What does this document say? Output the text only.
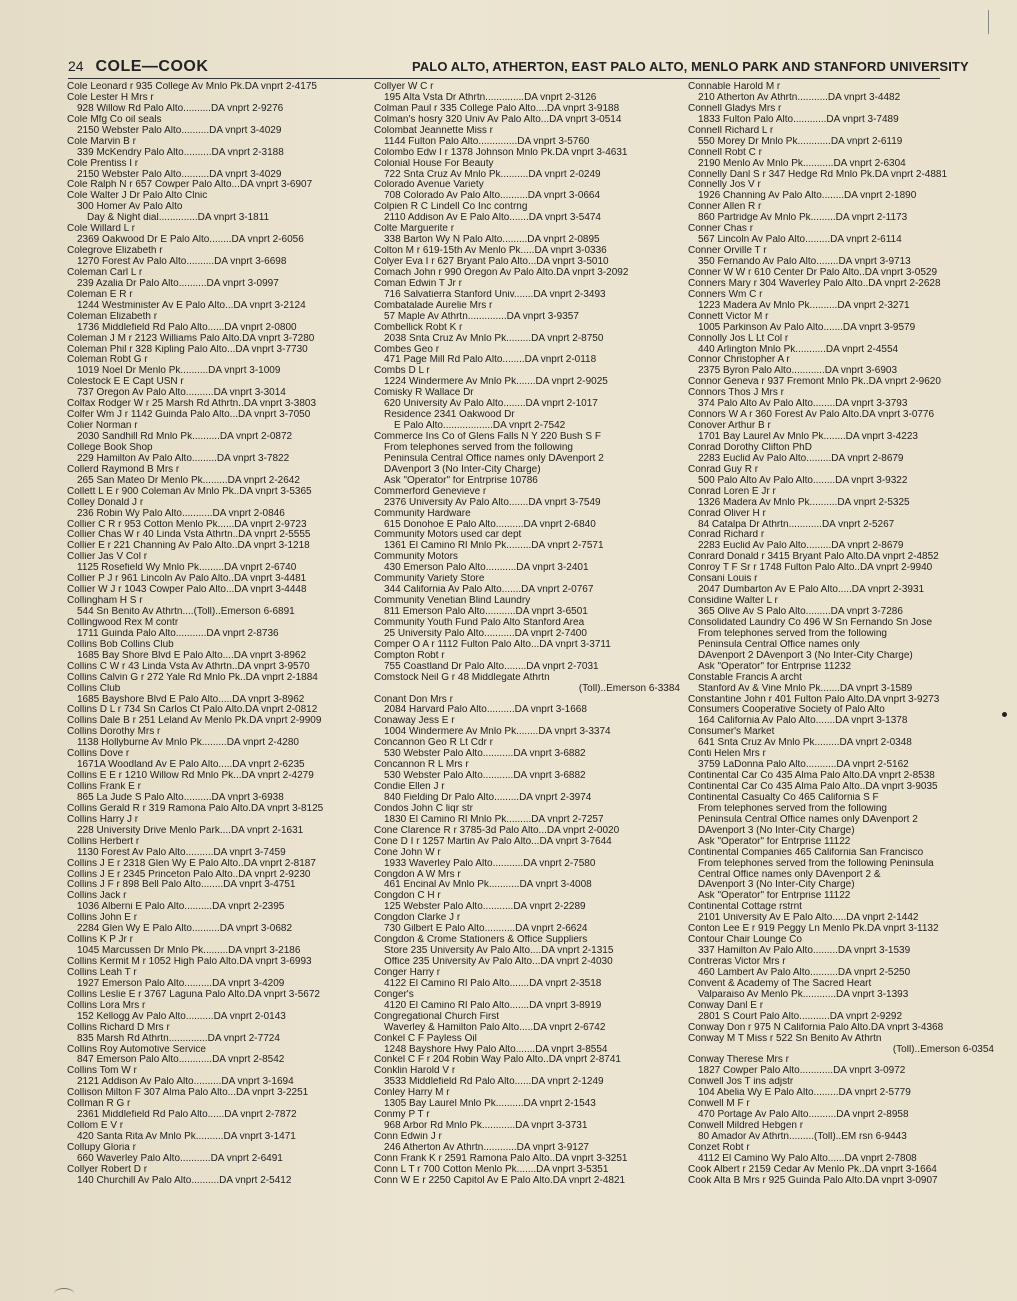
24 COLE—COOK	PALO ALTO, ATHERTON, EAST PALO ALTO, MENLO PARK AND STANFORD UNIVERSITY
Cole Leonard r 935 College Av Mnlo Pk.DA vnprt 2-4175
Cole Lester H Mrs r
928 Willow Rd Palo Alto..........DA vnprt 2-9276
Cole Mfg Co oil seals
2150 Webster Palo Alto..........DA vnprt 3-4029
Cole Marvin B r
339 McKendry Palo Alto..........DA vnprt 2-3188
Cole Prentiss I r
2150 Webster Palo Alto..........DA vnprt 3-4029
Cole Ralph N r 657 Cowper Palo Alto...DA vnprt 3-6907
Cole Walter J Dr Palo Alto Clnic
300 Homer Av Palo Alto
Day & Night dial..............DA vnprt 3-1811
Cole Willard L r
2369 Oakwood Dr E Palo Alto........DA vnprt 2-6056
Colegrove Elizabeth r
1270 Forest Av Palo Alto..........DA vnprt 3-6698
Coleman Carl L r
239 Azalia Dr Palo Alto..........DA vnprt 3-0997
Coleman E R r
1244 Westminister Av E Palo Alto...DA vnprt 3-2124
Coleman Elizabeth r
1736 Middlefield Rd Palo Alto......DA vnprt 2-0800
Coleman J M r 2123 Williams Palo Alto.DA vnprt 3-7280
Coleman Phil r 328 Kipling Palo Alto...DA vnprt 3-7730
Coleman Robt G r
1019 Noel Dr Menlo Pk..........DA vnprt 3-1009
Colestock E E Capt USN r
737 Oregon Av Palo Alto..........DA vnprt 3-3014
Colfax Rodger W r 25 Marsh Rd Athrtn..DA vnprt 3-3803
Colfer Wm J r 1142 Guinda Palo Alto...DA vnprt 3-7050
Colier Norman r
2030 Sandhill Rd Mnlo Pk..........DA vnprt 2-0872
College Book Shop
229 Hamilton Av Palo Alto.........DA vnprt 3-7822
Collerd Raymond B Mrs r
265 San Mateo Dr Menlo Pk.........DA vnprt 2-2642
Collett L E r 900 Coleman Av Mnlo Pk..DA vnprt 3-5365
Colley Donald J r
236 Robin Wy Palo Alto...........DA vnprt 2-0846
Collier C R r 953 Cotton Menlo Pk......DA vnprt 2-9723
Collier Chas W r 40 Linda Vsta Athrtn..DA vnprt 2-5555
Collier E r 221 Channing Av Palo Alto..DA vnprt 3-1218
Collier Jas V Col r
1125 Rosefield Wy Mnlo Pk.........DA vnprt 2-6740
Collier P J r 961 Lincoln Av Palo Alto..DA vnprt 3-4481
Collier W J r 1043 Cowper Palo Alto...DA vnprt 3-4448
Collingham H S r
544 Sn Benito Av Athrtn....(Toll)..Emerson 6-6891
Collingwood Rex M contr
1711 Guinda Palo Alto...........DA vnprt 2-8736
Collins Bob Collins Club
1685 Bay Shore Blvd E Palo Alto....DA vnprt 3-8962
Collins C W r 43 Linda Vsta Av Athrtn..DA vnprt 3-9570
Collins Calvin G r 272 Yale Rd Mnlo Pk..DA vnprt 2-1884
Collins Club
1685 Bayshore Blvd E Palo Alto.....DA vnprt 3-8962
Collins D L r 734 Sn Carlos Ct Palo Alto.DA vnprt 2-0812
Collins Dale B r 251 Leland Av Menlo Pk.DA vnprt 2-9909
Collins Dorothy Mrs r
1138 Hollyburne Av Mnlo Pk.........DA vnprt 2-4280
Collins Dove r
1671A Woodland Av E Palo Alto.....DA vnprt 2-6235
Collins E E r 1210 Willow Rd Mnlo Pk...DA vnprt 2-4279
Collins Frank E r
865 La Jude S Palo Alto..........DA vnprt 3-6938
Collins Gerald R r 319 Ramona Palo Alto.DA vnprt 3-8125
Collins Harry J r
228 University Drive Menlo Park....DA vnprt 2-1631
Collins Herbert r
1130 Forest Av Palo Alto..........DA vnprt 3-7459
Collins J E r 2318 Glen Wy E Palo Alto..DA vnprt 2-8187
Collins J E r 2345 Princeton Palo Alto..DA vnprt 2-9230
Collins J F r 898 Bell Palo Alto........DA vnprt 3-4751
Collins Jack r
1036 Alberni E Palo Alto..........DA vnprt 2-2395
Collins John E r
2284 Glen Wy E Palo Alto..........DA vnprt 3-0682
Collins K P Jr r
1045 Marcussen Dr Mnlo Pk.........DA vnprt 3-2186
Collins Kermit M r 1052 High Palo Alto.DA vnprt 3-6993
Collins Leah T r
1927 Emerson Palo Alto..........DA vnprt 3-4209
Collins Leslie E r 3767 Laguna Palo Alto.DA vnprt 3-5672
Collins Lora Mrs r
152 Kellogg Av Palo Alto..........DA vnprt 2-0143
Collins Richard D Mrs r
835 Marsh Rd Athrtn..............DA vnprt 2-7724
Collins Roy Automotive Service
847 Emerson Palo Alto............DA vnprt 2-8542
Collins Tom W r
2121 Addison Av Palo Alto..........DA vnprt 3-1694
Collison Milton F 307 Alma Palo Alto...DA vnprt 3-2251
Collman R G r
2361 Middlefield Rd Palo Alto......DA vnprt 2-7872
Collom E V r
420 Santa Rita Av Mnlo Pk..........DA vnprt 3-1471
Collupy Gloria r
660 Waverley Palo Alto...........DA vnprt 2-6491
Collyer Robert D r
140 Churchill Av Palo Alto..........DA vnprt 2-5412
Collyer W C r
195 Alta Vsta Dr Athrtn..............DA vnprt 2-3126
Colman Paul r 335 College Palo Alto....DA vnprt 3-9188
Colman's hosry 320 Univ Av Palo Alto...DA vnprt 3-0514
Colombat Jeannette Miss r
1144 Fulton Palo Alto..............DA vnprt 3-5760
Colombo Edw I r 1378 Johnson Mnlo Pk.DA vnprt 3-4631
Colonial House For Beauty
722 Snta Cruz Av Mnlo Pk..........DA vnprt 2-0249
Colorado Avenue Variety
708 Colorado Av Palo Alto..........DA vnprt 3-0664
Colpien R C Lindell Co Inc contrng
2110 Addison Av E Palo Alto.......DA vnprt 3-5474
Colte Marguerite r
338 Barton Wy N Palo Alto.........DA vnprt 2-0895
Colton M r 619-15th Av Menlo Pk.....DA vnprt 3-0336
Colyer Eva I r 627 Bryant Palo Alto...DA vnprt 3-5010
Comach John r 990 Oregon Av Palo Alto.DA vnprt 3-2092
Coman Edwin T Jr r
716 Salvatierra Stanford Univ.......DA vnprt 2-3493
Combatalade Aurelie Mrs r
57 Maple Av Athrtn..............DA vnprt 3-9357
Combellick Robt K r
2038 Snta Cruz Av Mnlo Pk.........DA vnprt 2-8750
Combes Geo r
471 Page Mill Rd Palo Alto........DA vnprt 2-0118
Combs D L r
1224 Windermere Av Mnlo Pk.......DA vnprt 2-9025
Comisky R Wallace Dr
620 University Av Palo Alto........DA vnprt 2-1017
Residence 2341 Oakwood Dr
E Palo Alto..................DA vnprt 2-7542
Commerce Ins Co of Glens Falls N Y 220 Bush S F
From telephones served from the following
Peninsula Central Office names only DAvenport 2
DAvenport 3 (No Inter-City Charge)
Ask "Operator" for Entrprise 10786
Commerford Genevieve r
2376 University Av Palo Alto.......DA vnprt 3-7549
Community Hardware
615 Donohoe E Palo Alto..........DA vnprt 2-6840
Community Motors used car dept
1361 El Camino Rl Mnlo Pk.........DA vnprt 2-7571
Community Motors
430 Emerson Palo Alto...........DA vnprt 3-2401
Community Variety Store
344 California Av Palo Alto.......DA vnprt 2-0767
Community Venetian Blind Laundry
811 Emerson Palo Alto...........DA vnprt 3-6501
Community Youth Fund Palo Alto Stanford Area
25 University Palo Alto...........DA vnprt 2-7400
Comper O A r 1112 Fulton Palo Alto...DA vnprt 3-3711
Compton Robt r
755 Coastland Dr Palo Alto........DA vnprt 2-7031
Comstock Neil G r 48 Middlegate Athrtn
(Toll)..Emerson 6-3384
Conant Don Mrs r
2084 Harvard Palo Alto..........DA vnprt 3-1668
Conaway Jess E r
1004 Windermere Av Mnlo Pk........DA vnprt 3-3374
Concannon Geo R Lt Cdr r
530 Webster Palo Alto...........DA vnprt 3-6882
Concannon R L Mrs r
530 Webster Palo Alto...........DA vnprt 3-6882
Condie Ellen J r
840 Fielding Dr Palo Alto.........DA vnprt 2-3974
Condos John C liqr str
1830 El Camino Rl Mnlo Pk.........DA vnprt 2-7257
Cone Clarence R r 3785-3d Palo Alto...DA vnprt 2-0020
Cone D I r 1257 Martin Av Palo Alto...DA vnprt 3-7644
Cone John W r
1933 Waverley Palo Alto...........DA vnprt 2-7580
Congdon A W Mrs r
461 Encinal Av Mnlo Pk...........DA vnprt 3-4008
Congdon C H r
125 Webster Palo Alto...........DA vnprt 2-2289
Congdon Clarke J r
730 Gilbert E Palo Alto...........DA vnprt 2-6624
Congdon & Crome Stationers & Office Suppliers
Store 235 University Av Palo Alto....DA vnprt 2-1315
Office 235 University Av Palo Alto...DA vnprt 2-4030
Conger Harry r
4122 El Camino Rl Palo Alto.......DA vnprt 2-3518
Conger's
4120 El Camino Rl Palo Alto.......DA vnprt 3-8919
Congregational Church First
Waverley & Hamilton Palo Alto.....DA vnprt 2-6742
Conkel C F Payless Oil
1248 Bayshore Hwy Palo Alto.......DA vnprt 3-8554
Conkel C F r 204 Robin Way Palo Alto..DA vnprt 2-8741
Conklin Harold V r
3533 Middlefield Rd Palo Alto......DA vnprt 2-1249
Conley Harry M r
1305 Bay Laurel Mnlo Pk..........DA vnprt 2-1543
Conmy P T r
968 Arbor Rd Mnlo Pk............DA vnprt 3-3731
Conn Edwin J r
246 Atherton Av Athrtn............DA vnprt 3-9127
Conn Frank K r 2591 Ramona Palo Alto..DA vnprt 3-3251
Conn L T r 700 Cotton Menlo Pk.......DA vnprt 3-5351
Conn W E r 2250 Capitol Av E Palo Alto.DA vnprt 2-4821
Connable Harold M r
210 Atherton Av Athrtn...........DA vnprt 3-4482
Connell Gladys Mrs r
1833 Fulton Palo Alto............DA vnprt 3-7489
Connell Richard L r
550 Morey Dr Mnlo Pk............DA vnprt 2-6119
Connell Robt C r
2190 Menlo Av Mnlo Pk...........DA vnprt 2-6304
Connelly Danl S r 347 Hedge Rd Mnlo Pk.DA vnprt 2-4881
Connelly Jos V r
1926 Channing Av Palo Alto........DA vnprt 2-1890
Conner Allen R r
860 Partridge Av Mnlo Pk.........DA vnprt 2-1173
Conner Chas r
567 Lincoln Av Palo Alto.........DA vnprt 2-6114
Conner Orville T r
350 Fernando Av Palo Alto........DA vnprt 3-9713
Conner W W r 610 Center Dr Palo Alto..DA vnprt 3-0529
Conners Mary r 304 Waverley Palo Alto..DA vnprt 2-2628
Conners Wm C r
1223 Madera Av Mnlo Pk..........DA vnprt 2-3271
Connett Victor M r
1005 Parkinson Av Palo Alto.......DA vnprt 3-9579
Connolly Jos L Lt Col r
440 Arlington Mnlo Pk...........DA vnprt 2-4554
Connor Christopher A r
2375 Byron Palo Alto............DA vnprt 3-6903
Connor Geneva r 937 Fremont Mnlo Pk..DA vnprt 2-9620
Connors Thos J Mrs r
374 Palo Alto Av Palo Alto........DA vnprt 3-3793
Connors W A r 360 Forest Av Palo Alto.DA vnprt 3-0776
Conover Arthur B r
1701 Bay Laurel Av Mnlo Pk........DA vnprt 3-4223
Conrad Dorothy Clifton PhD
2283 Euclid Av Palo Alto.........DA vnprt 2-8679
Conrad Guy R r
500 Palo Alto Av Palo Alto........DA vnprt 3-9322
Conrad Loren E Jr r
1326 Madera Av Mnlo Pk..........DA vnprt 2-5325
Conrad Oliver H r
84 Catalpa Dr Athrtn............DA vnprt 2-5267
Conrad Richard r
2283 Euclid Av Palo Alto.........DA vnprt 2-8679
Conrard Donald r 3415 Bryant Palo Alto.DA vnprt 2-4852
Conroy T F Sr r 1748 Fulton Palo Alto..DA vnprt 2-9940
Consani Louis r
2047 Dumbarton Av E Palo Alto.....DA vnprt 2-3931
Considine Walter L r
365 Olive Av S Palo Alto.........DA vnprt 3-7286
Consolidated Laundry Co 496 W Sn Fernando Sn Jose
From telephones served from the following
Peninsula Central Office names only
DAvenport 2 DAvenport 3 (No Inter-City Charge)
Ask "Operator" for Entrprise 11232
Constable Francis A archt
Stanford Av & Vine Mnlo Pk.......DA vnprt 3-1589
Constantine John r 401 Fulton Palo Alto.DA vnprt 3-9273
Consumers Cooperative Society of Palo Alto
164 California Av Palo Alto.......DA vnprt 3-1378
Consumer's Market
641 Snta Cruz Av Mnlo Pk.........DA vnprt 2-0348
Conti Helen Mrs r
3759 LaDonna Palo Alto...........DA vnprt 2-5162
Continental Car Co 435 Alma Palo Alto.DA vnprt 2-8538
Continental Car Co 435 Alma Palo Alto..DA vnprt 3-9035
Continental Casualty Co 465 California S F
From telephones served from the following
Peninsula Central Office names only DAvenport 2
DAvenport 3 (No Inter-City Charge)
Ask "Operator" for Entrprise 11122
Continental Companies 465 California San Francisco
From telephones served from the following Peninsula
Central Office names only DAvenport 2 &
DAvenport 3 (No Inter-City Charge)
Ask "Operator" for Entrprise 11122
Continental Cottage rstrnt
2101 University Av E Palo Alto.....DA vnprt 2-1442
Conton Lee E r 919 Peggy Ln Menlo Pk.DA vnprt 3-1132
Contour Chair Lounge Co
337 Hamilton Av Palo Alto.........DA vnprt 3-1539
Contreras Victor Mrs r
460 Lambert Av Palo Alto..........DA vnprt 2-5250
Convent & Academy of The Sacred Heart
Valparaiso Av Menlo Pk............DA vnprt 3-1393
Conway Danl E r
2801 S Court Palo Alto...........DA vnprt 2-9292
Conway Don r 975 N California Palo Alto.DA vnprt 3-4368
Conway M T Miss r 522 Sn Benito Av Athrtn
(Toll)..Emerson 6-0354
Conway Therese Mrs r
1827 Cowper Palo Alto............DA vnprt 3-0972
Conwell Jos T ins adjstr
104 Abelia Wy E Palo Alto.........DA vnprt 2-5779
Conwell M F r
470 Portage Av Palo Alto..........DA vnprt 2-8958
Conwell Mildred Hebgen r
80 Amador Av Athrtn.........(Toll)..EM rsn 6-9443
Conzet Robt r
4112 El Camino Wy Palo Alto......DA vnprt 2-7808
Cook Albert r 2159 Cedar Av Menlo Pk..DA vnprt 3-1664
Cook Alta B Mrs r 925 Guinda Palo Alto.DA vnprt 3-0907
